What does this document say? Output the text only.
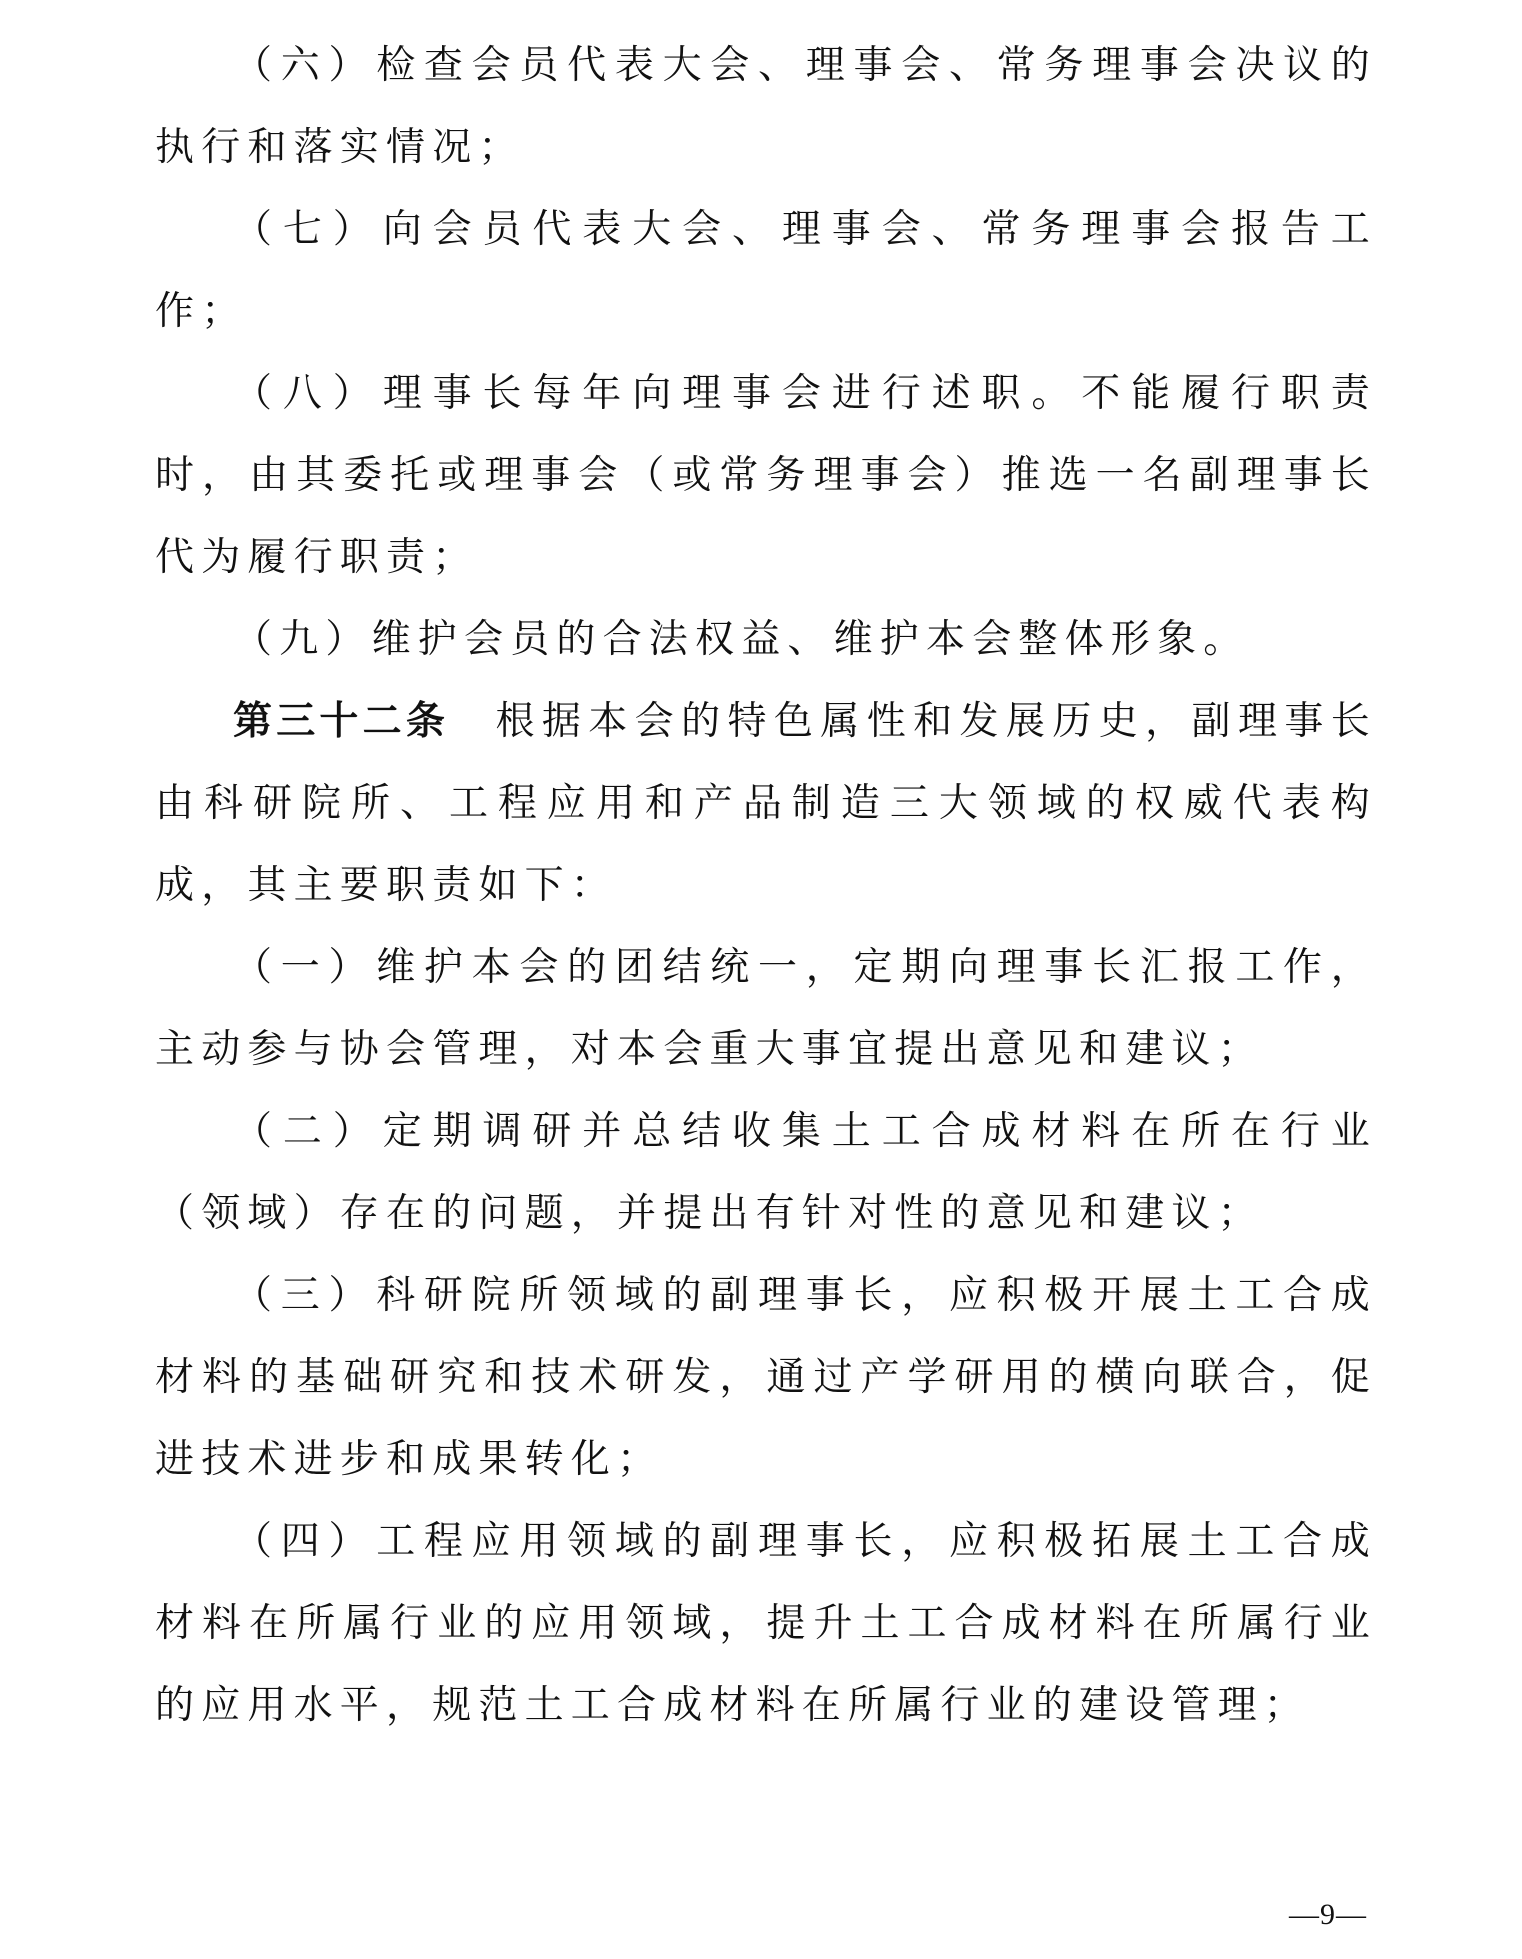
（六）检查会员代表大会、理事会、常务理事会决议的执行和落实情况；

（七）向会员代表大会、理事会、常务理事会报告工作；

（八）理事长每年向理事会进行述职。不能履行职责时，由其委托或理事会（或常务理事会）推选一名副理事长代为履行职责；

（九）维护会员的合法权益、维护本会整体形象。

第三十二条　根据本会的特色属性和发展历史，副理事长由科研院所、工程应用和产品制造三大领域的权威代表构成，其主要职责如下：

（一）维护本会的团结统一，定期向理事长汇报工作，主动参与协会管理，对本会重大事宜提出意见和建议；

（二）定期调研并总结收集土工合成材料在所在行业（领域）存在的问题，并提出有针对性的意见和建议；

（三）科研院所领域的副理事长，应积极开展土工合成材料的基础研究和技术研发，通过产学研用的横向联合，促进技术进步和成果转化；

（四）工程应用领域的副理事长，应积极拓展土工合成材料在所属行业的应用领域，提升土工合成材料在所属行业的应用水平，规范土工合成材料在所属行业的建设管理；

—9—
